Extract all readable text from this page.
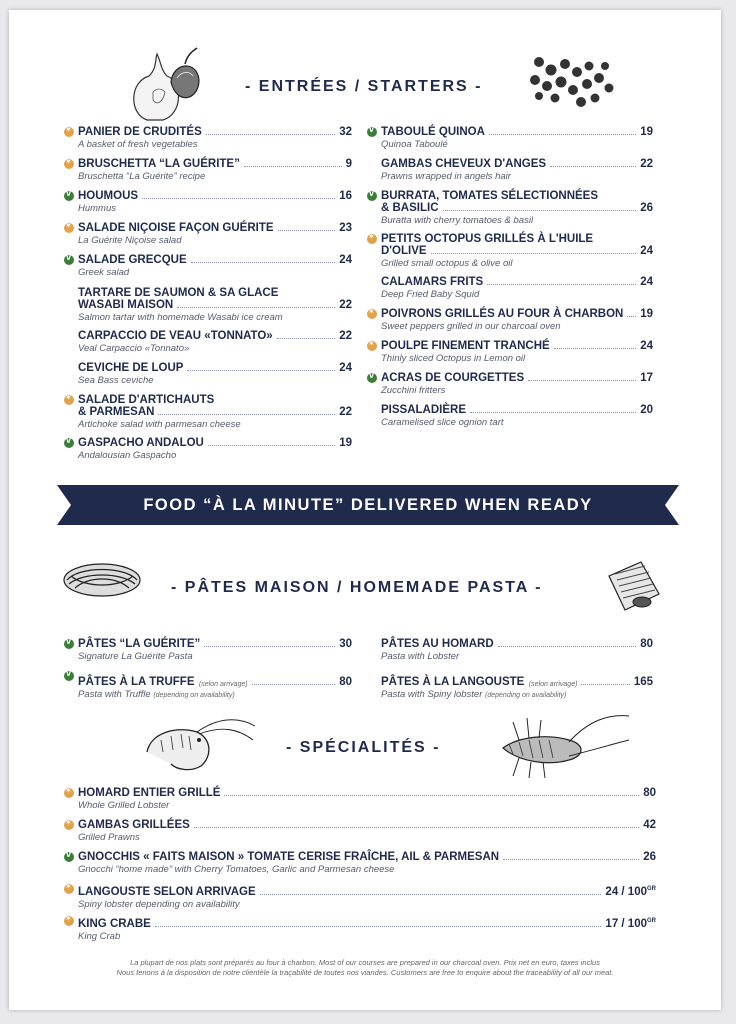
- ENTRÉES / STARTERS -
✶
PANIER DE CRUDITÉS	32
A basket of fresh vegetables
✶
BRUSCHETTA “LA GUÉRITE”	9
Bruschetta “La Guérite” recipe
v
HOUMOUS	16
Hummus
✶
SALADE NIÇOISE FAÇON GUÉRITE	23
La Guérite Niçoise salad
v
SALADE GRECQUE	24
Greek salad
TARTARE DE SAUMON & SA GLACE
WASABI MAISON	22
Salmon tartar with homemade Wasabi ice cream
CARPACCIO DE VEAU «TONNATO»	22
Veal Carpaccio «Tonnato»
CEVICHE DE LOUP	24
Sea Bass ceviche
✶
SALADE D'ARTICHAUTS
& PARMESAN	22
Artichoke salad with parmesan cheese
v
GASPACHO ANDALOU	19
Andalousian Gaspacho
v
TABOULÉ QUINOA	19
Quinoa Taboulé
GAMBAS CHEVEUX D'ANGES	22
Prawns wrapped in angels hair
v
BURRATA, TOMATES SÉLECTIONNÉES
& BASILIC	26
Buratta with cherry tomatoes & basil
✶
PETITS OCTOPUS GRILLÉS À L'HUILE
D'OLIVE	24
Grilled small octopus & olive oil
CALAMARS FRITS	24
Deep Fried Baby Squid
✶
POIVRONS GRILLÉS AU FOUR À CHARBON 19
Sweet peppers grilled in our charcoal oven
✶
POULPE FINEMENT TRANCHÉ	24
Thinly sliced Octopus in Lemon oil
v
ACRAS DE COURGETTES	17
Zucchini fritters
PISSALADIÈRE	20
Caramelised slice ognion tart
FOOD “À LA MINUTE” DELIVERED WHEN READY
- PÂTES MAISON / HOMEMADE PASTA -
v
PÂTES “LA GUÉRITE”	30
Signature La Guérite Pasta
v
PÂTES À LA TRUFFE
(selon arrivage)	80
Pasta with Truffle (depending on availability)
PÂTES AU HOMARD	80
Pasta with Lobster
PÂTES À LA LANGOUSTE
(selon arrivage)	165
Pasta with Spiny lobster (depending on availability)
- SPÉCIALITÉS -
✶
HOMARD ENTIER GRILLÉ	80
Whole Grilled Lobster
✶
GAMBAS GRILLÉES	42
Grilled Prawns
v
GNOCCHIS « FAITS MAISON » TOMATE CERISE FRAÎCHE, AIL & PARMESAN	26
Gnocchi “home made” with Cherry Tomatoes, Garlic and Parmesan cheese
✶
LANGOUSTE SELON ARRIVAGE	$24 / 100^{GR}$
Spiny lobster depending on availability
✶
KING CRABE	$17 / 100^{GR}$
King Crab
La plupart de nos plats sont préparés au four à charbon. Most of our courses are prepared in our charcoal oven. Prix net en euro, taxes inclus
Nous tenons à la disposition de notre clientèle la traçabilité de toutes nos viandes. Customers are free to enquire about the traceability of all our meat.
